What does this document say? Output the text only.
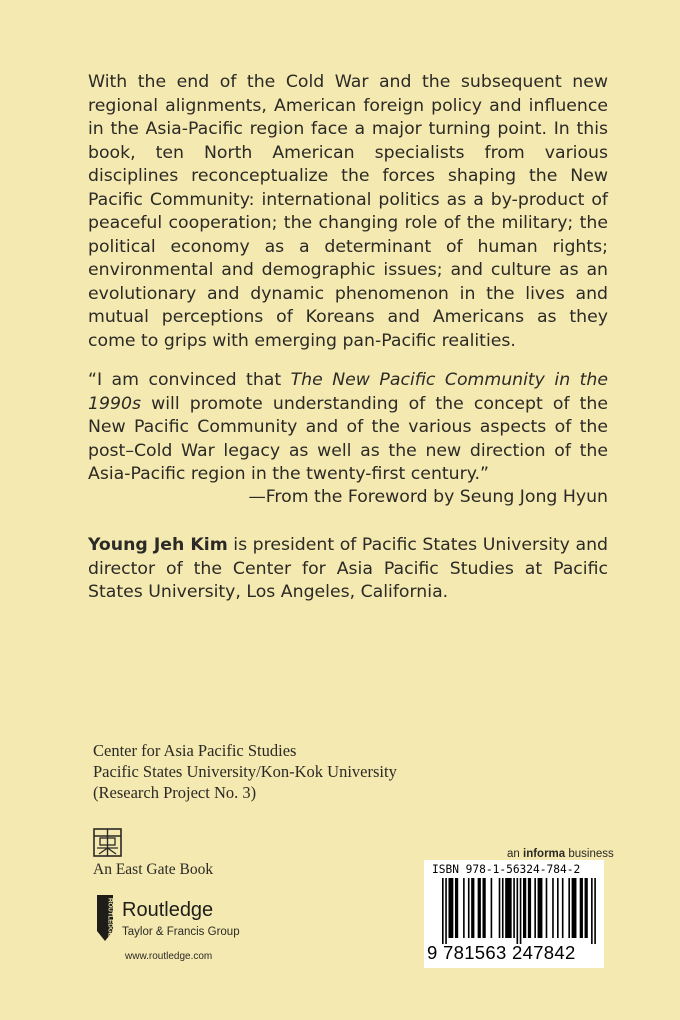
With the end of the Cold War and the subsequent new regional alignments, American foreign policy and influence in the Asia-Pacific region face a major turning point. In this book, ten North American specialists from various disciplines reconceptualize the forces shaping the New Pacific Community: international politics as a by-product of peaceful cooperation; the changing role of the military; the political economy as a determinant of human rights; environmental and demographic issues; and culture as an evolutionary and dynamic phenomenon in the lives and mutual perceptions of Koreans and Americans as they come to grips with emerging pan-Pacific realities.

“I am convinced that The New Pacific Community in the 1990s will promote understanding of the concept of the New Pacific Community and of the various aspects of the post–Cold War legacy as well as the new direction of the Asia-Pacific region in the twenty-first century.”

—From the Foreword by Seung Jong Hyun

Young Jeh Kim is president of Pacific States University and director of the Center for Asia Pacific Studies at Pacific States University, Los Angeles, California.

Center for Asia Pacific Studies
Pacific States University/Kon-Kok University
(Research Project No. 3)
An East Gate Book
ROUTLEDGE Routledge
Taylor & Francis Group
www.routledge.com
an informa business
ISBN 978-1-56324-784-2
9 781563 247842
